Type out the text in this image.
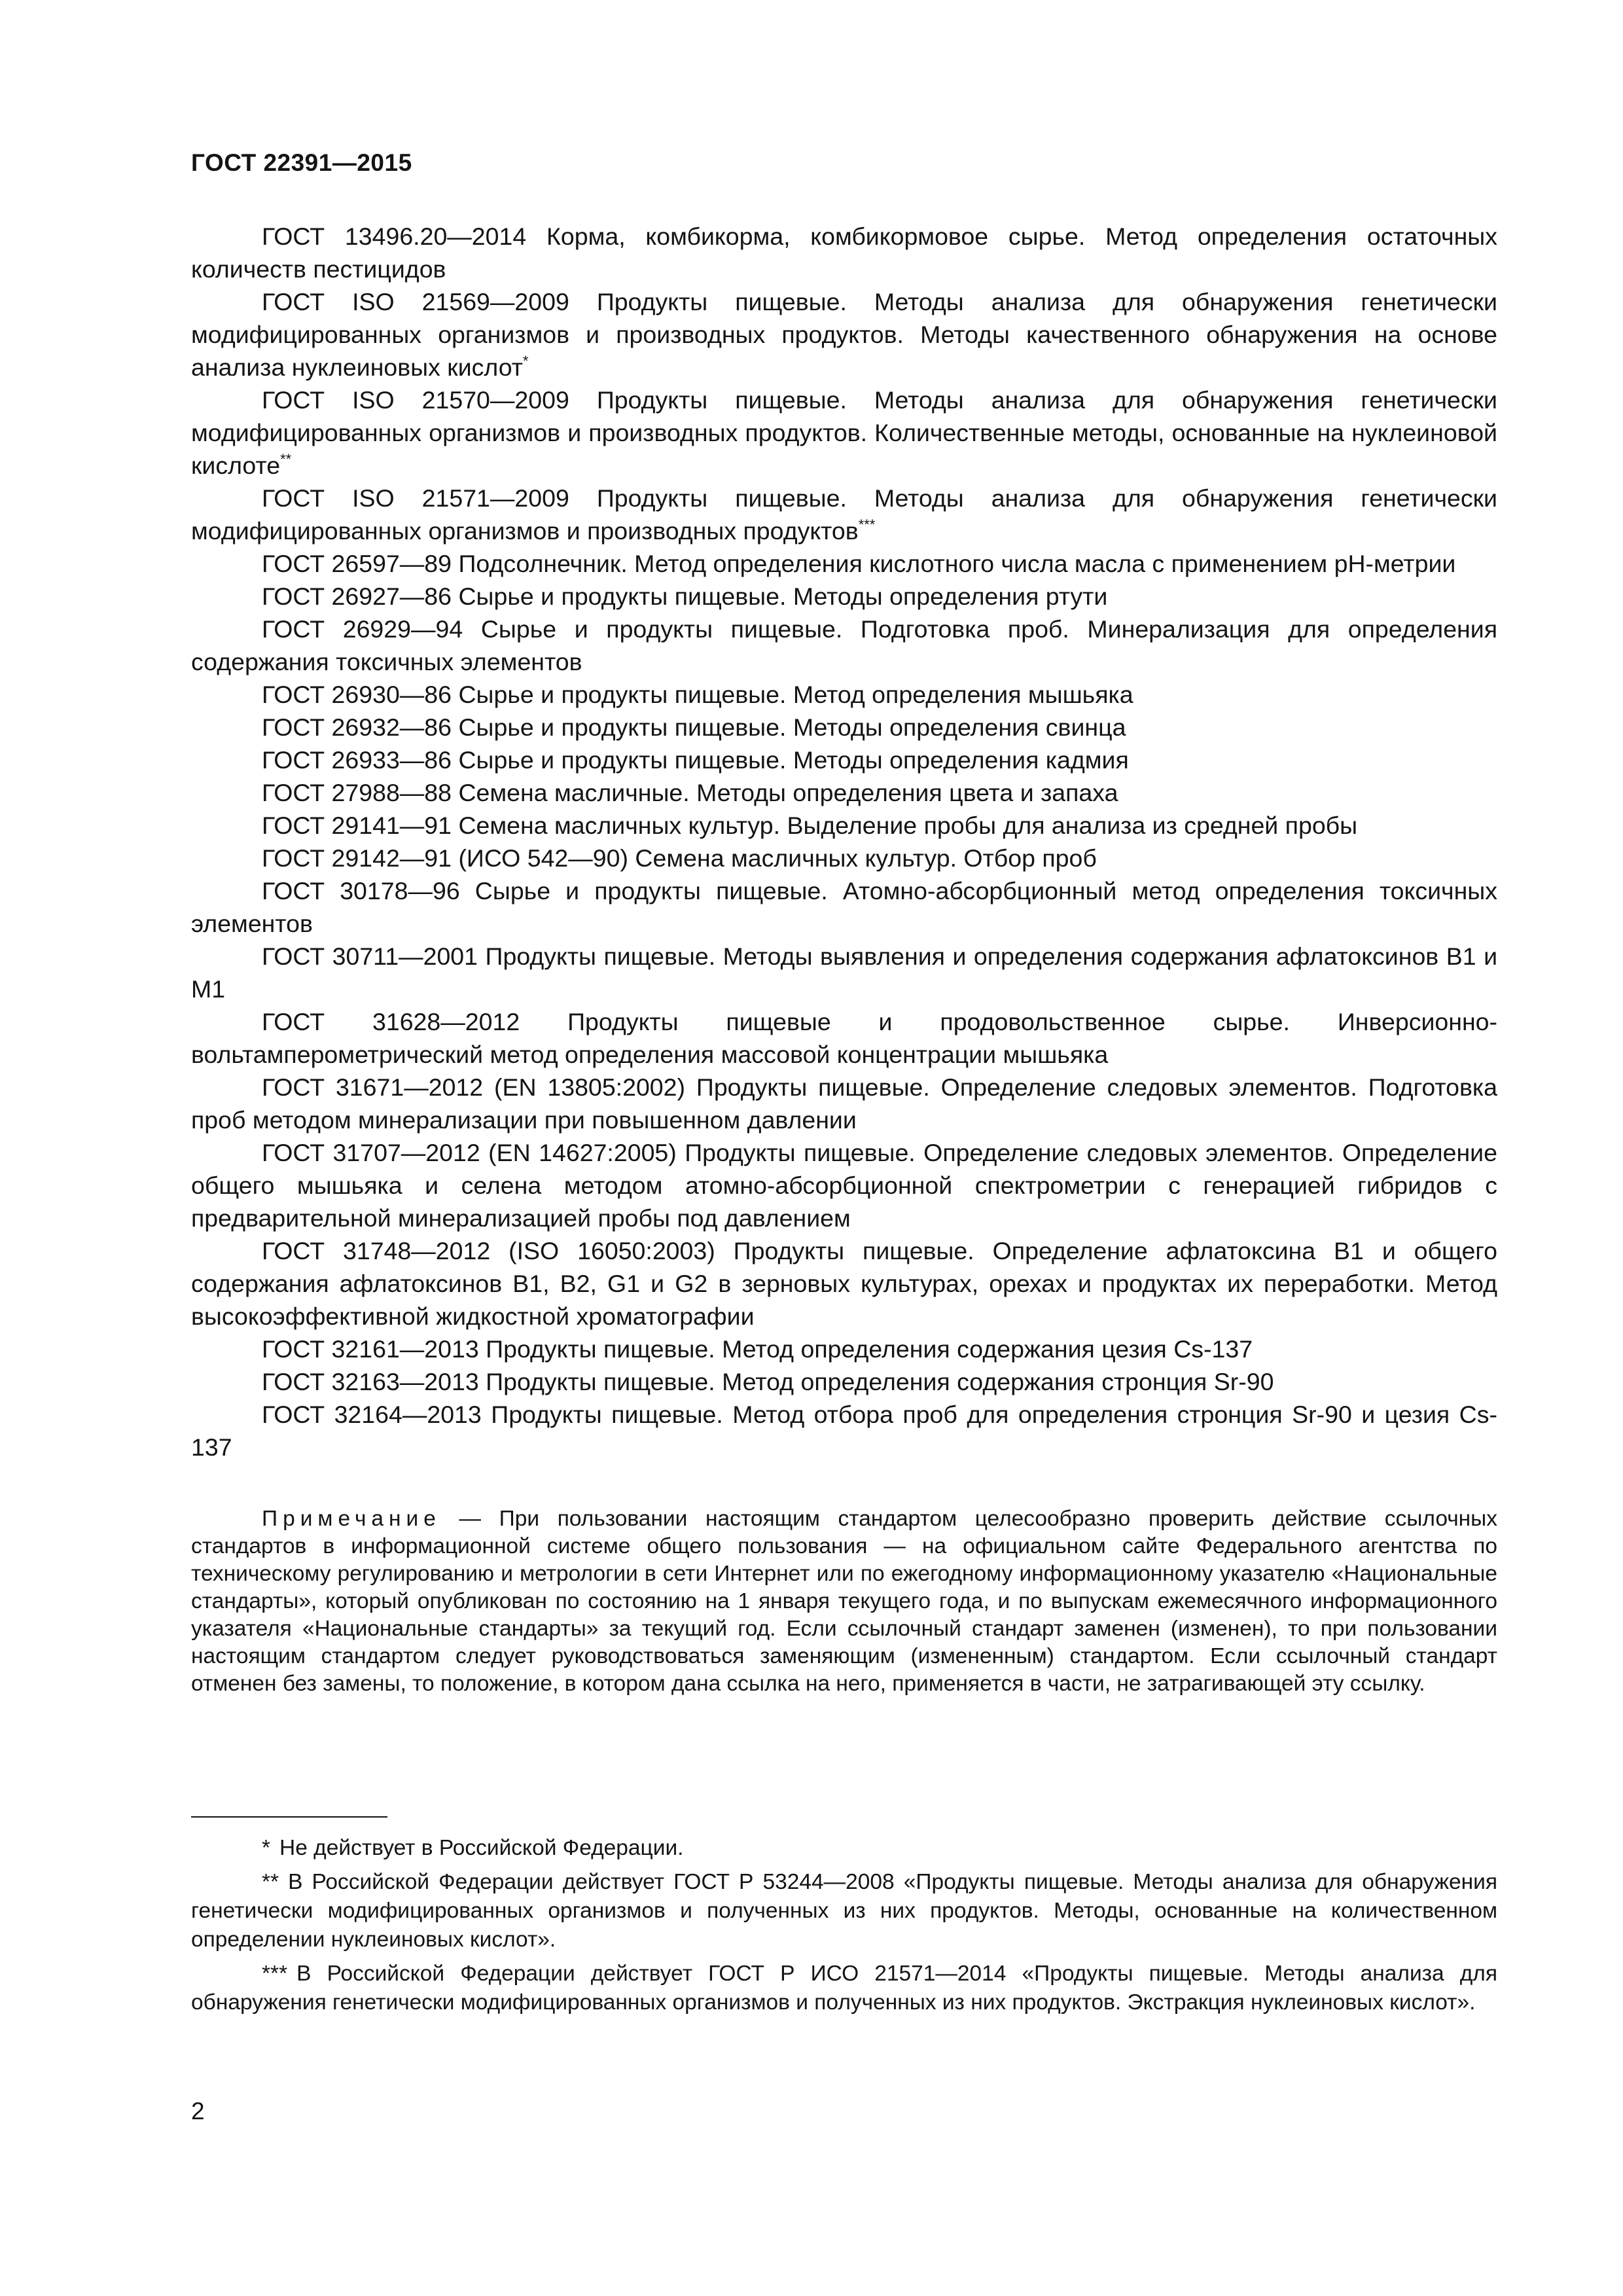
ГОСТ 22391—2015

ГОСТ 13496.20—2014 Корма, комбикорма, комбикормовое сырье. Метод определения остаточных количеств пестицидов

ГОСТ ISO 21569—2009 Продукты пищевые. Методы анализа для обнаружения генетически модифицированных организмов и производных продуктов. Методы качественного обнаружения на основе анализа нуклеиновых кислот*

ГОСТ ISO 21570—2009 Продукты пищевые. Методы анализа для обнаружения генетически модифицированных организмов и производных продуктов. Количественные методы, основанные на нуклеиновой кислоте**

ГОСТ ISO 21571—2009 Продукты пищевые. Методы анализа для обнаружения генетически модифицированных организмов и производных продуктов***

ГОСТ 26597—89 Подсолнечник. Метод определения кислотного числа масла с применением рН-метрии

ГОСТ 26927—86 Сырье и продукты пищевые. Методы определения ртути

ГОСТ 26929—94 Сырье и продукты пищевые. Подготовка проб. Минерализация для определения содержания токсичных элементов

ГОСТ 26930—86 Сырье и продукты пищевые. Метод определения мышьяка

ГОСТ 26932—86 Сырье и продукты пищевые. Методы определения свинца

ГОСТ 26933—86 Сырье и продукты пищевые. Методы определения кадмия

ГОСТ 27988—88 Семена масличные. Методы определения цвета и запаха

ГОСТ 29141—91 Семена масличных культур. Выделение пробы для анализа из средней пробы

ГОСТ 29142—91 (ИСО 542—90) Семена масличных культур. Отбор проб

ГОСТ 30178—96 Сырье и продукты пищевые. Атомно-абсорбционный метод определения токсичных элементов

ГОСТ 30711—2001 Продукты пищевые. Методы выявления и определения содержания афлатоксинов В1 и М1

ГОСТ 31628—2012 Продукты пищевые и продовольственное сырье. Инверсионно-вольтамперометрический метод определения массовой концентрации мышьяка

ГОСТ 31671—2012 (EN 13805:2002) Продукты пищевые. Определение следовых элементов. Подготовка проб методом минерализации при повышенном давлении

ГОСТ 31707—2012 (EN 14627:2005) Продукты пищевые. Определение следовых элементов. Определение общего мышьяка и селена методом атомно-абсорбционной спектрометрии с генерацией гибридов с предварительной минерализацией пробы под давлением

ГОСТ 31748—2012 (ISO 16050:2003) Продукты пищевые. Определение афлатоксина В1 и общего содержания афлатоксинов В1, В2, G1 и G2 в зерновых культурах, орехах и продуктах их переработки. Метод высокоэффективной жидкостной хроматографии

ГОСТ 32161—2013 Продукты пищевые. Метод определения содержания цезия Cs-137

ГОСТ 32163—2013 Продукты пищевые. Метод определения содержания стронция Sr-90

ГОСТ 32164—2013 Продукты пищевые. Метод отбора проб для определения стронция Sr-90 и цезия Cs-137

Примечание — При пользовании настоящим стандартом целесообразно проверить действие ссылочных стандартов в информационной системе общего пользования — на официальном сайте Федерального агентства по техническому регулированию и метрологии в сети Интернет или по ежегодному информационному указателю «Национальные стандарты», который опубликован по состоянию на 1 января текущего года, и по выпускам ежемесячного информационного указателя «Национальные стандарты» за текущий год. Если ссылочный стандарт заменен (изменен), то при пользовании настоящим стандартом следует руководствоваться заменяющим (измененным) стандартом. Если ссылочный стандарт отменен без замены, то положение, в котором дана ссылка на него, применяется в части, не затрагивающей эту ссылку.

* Не действует в Российской Федерации.

** В Российской Федерации действует ГОСТ Р 53244—2008 «Продукты пищевые. Методы анализа для обнаружения генетически модифицированных организмов и полученных из них продуктов. Методы, основанные на количественном определении нуклеиновых кислот».

*** В Российской Федерации действует ГОСТ Р ИСО 21571—2014 «Продукты пищевые. Методы анализа для обнаружения генетически модифицированных организмов и полученных из них продуктов. Экстракция нуклеиновых кислот».

2
